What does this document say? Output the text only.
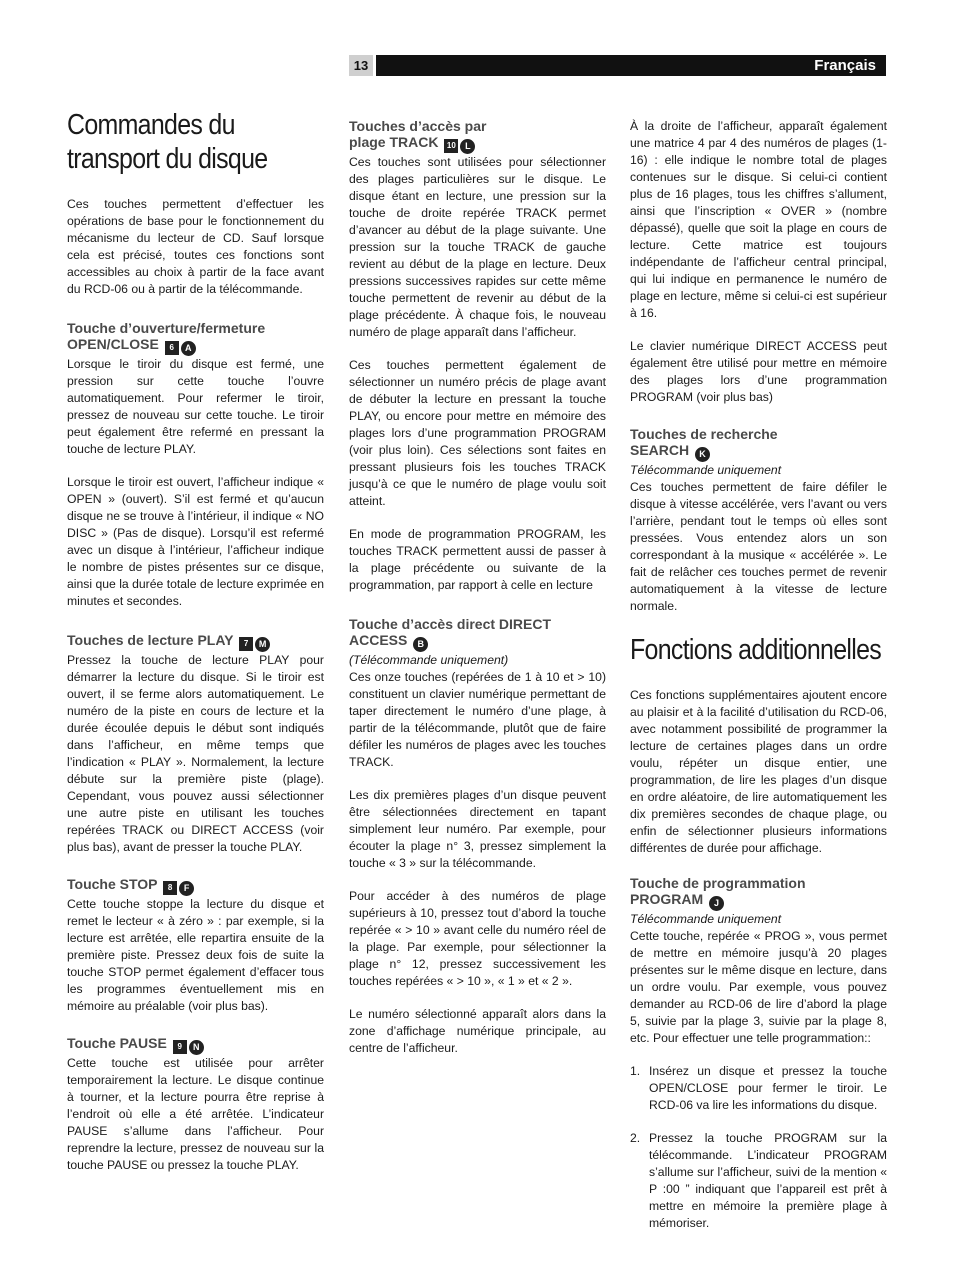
13	Français
Commandes du transport du disque

Ces touches permettent d’effectuer les opérations de base pour le fonctionnement du mécanisme du lecteur de CD. Sauf lorsque cela est précisé, toutes ces fonctions sont accessibles au choix à partir de la face avant du RCD-06 ou à partir de la télécommande.

Touche d’ouverture/fermeture
OPEN/CLOSE 6 A

Lorsque le tiroir du disque est fermé, une pression sur cette touche l’ouvre automatiquement. Pour refermer le tiroir, pressez de nouveau sur cette touche. Le tiroir peut également être refermé en pressant la touche de lecture PLAY.

Lorsque le tiroir est ouvert, l’afficheur indique « OPEN » (ouvert). S’il est fermé et qu’aucun disque ne se trouve à l’intérieur, il indique « NO DISC » (Pas de disque). Lorsqu’il est refermé avec un disque à l’intérieur, l’afficheur indique le nombre de pistes présentes sur ce disque, ainsi que la durée totale de lecture exprimée en minutes et secondes.

Touches de lecture PLAY 7 M

Pressez la touche de lecture PLAY pour démarrer la lecture du disque. Si le tiroir est ouvert, il se ferme alors automatiquement. Le numéro de la piste en cours de lecture et la durée écoulée depuis le début sont indiqués dans l’afficheur, en même temps que l’indication « PLAY ». Normalement, la lecture débute sur la première piste (plage). Cependant, vous pouvez aussi sélectionner une autre piste en utilisant les touches repérées TRACK ou DIRECT ACCESS (voir plus bas), avant de presser la touche PLAY.

Touche STOP 8 F

Cette touche stoppe la lecture du disque et remet le lecteur « à zéro » : par exemple, si la lecture est arrêtée, elle repartira ensuite de la première piste. Pressez deux fois de suite la touche STOP permet également d’effacer tous les programmes éventuellement mis en mémoire au préalable (voir plus bas).

Touche PAUSE 9 N

Cette touche est utilisée pour arrêter temporairement la lecture. Le disque continue à tourner, et la lecture pourra être reprise à l’endroit où elle a été arrêtée. L’indicateur PAUSE s’allume dans l’afficheur. Pour reprendre la lecture, pressez de nouveau sur la touche PAUSE ou pressez la touche PLAY.

Touches d’accès par
plage TRACK 10 L

Ces touches sont utilisées pour sélectionner des plages particulières sur le disque. Le disque étant en lecture, une pression sur la touche de droite repérée TRACK permet d’avancer au début de la plage suivante. Une pression sur la touche TRACK de gauche revient au début de la plage en lecture. Deux pressions successives rapides sur cette même touche permettent de revenir au début de la plage précédente. À chaque fois, le nouveau numéro de plage apparaît dans l’afficheur.

Ces touches permettent également de sélectionner un numéro précis de plage avant de débuter la lecture en pressant la touche PLAY, ou encore pour mettre en mémoire des plages lors d’une programmation PROGRAM (voir plus loin). Ces sélections sont faites en pressant plusieurs fois les touches TRACK jusqu’à ce que le numéro de plage voulu soit atteint.

En mode de programmation PROGRAM, les touches TRACK permettent aussi de passer à la plage précédente ou suivante de la programmation, par rapport à celle en lecture

Touche d’accès direct DIRECT
ACCESS B

(Télécommande uniquement)

Ces onze touches (repérées de 1 à 10 et > 10) constituent un clavier numérique permettant de taper directement le numéro d’une plage, à partir de la télécommande, plutôt que de faire défiler les numéros de plages avec les touches TRACK.

Les dix premières plages d’un disque peuvent être sélectionnées directement en tapant simplement leur numéro. Par exemple, pour écouter la plage n° 3, pressez simplement la touche « 3 » sur la télécommande.

Pour accéder à des numéros de plage supérieurs à 10, pressez tout d’abord la touche repérée « > 10 » avant celle du numéro réel de la plage. Par exemple, pour sélectionner la plage n° 12, pressez successivement les touches repérées « > 10 », « 1 » et « 2 ».

Le numéro sélectionné apparaît alors dans la zone d’affichage numérique principale, au centre de l’afficheur.

À la droite de l’afficheur, apparaît également une matrice 4 par 4 des numéros de plages (1-16) : elle indique le nombre total de plages contenues sur le disque. Si celui-ci contient plus de 16 plages, tous les chiffres s’allument, ainsi que l’inscription « OVER » (nombre dépassé), quelle que soit la plage en cours de lecture. Cette matrice est toujours indépendante de l’afficheur central principal, qui lui indique en permanence le numéro de plage en lecture, même si celui-ci est supérieur à 16.

Le clavier numérique DIRECT ACCESS peut également être utilisé pour mettre en mémoire des plages lors d’une programmation PROGRAM (voir plus bas)

Touches de recherche
SEARCH K

Télécommande uniquement

Ces touches permettent de faire défiler le disque à vitesse accélérée, vers l’avant ou vers l’arrière, pendant tout le temps où elles sont pressées. Vous entendez alors un son correspondant à la musique « accélérée ». Le fait de relâcher ces touches permet de revenir automatiquement à la vitesse de lecture normale.

Fonctions additionnelles

Ces fonctions supplémentaires ajoutent encore au plaisir et à la facilité d’utilisation du RCD-06, avec notamment possibilité de programmer la lecture de certaines plages dans un ordre voulu, répéter un disque entier, une programmation, de lire les plages d’un disque en ordre aléatoire, de lire automatiquement les dix premières secondes de chaque plage, ou enfin de sélectionner plusieurs informations différentes de durée pour affichage.

Touche de programmation
PROGRAM J

Télécommande uniquement

Cette touche, repérée « PROG », vous permet de mettre en mémoire jusqu’à 20 plages présentes sur le même disque en lecture, dans un ordre voulu. Par exemple, vous pouvez demander au RCD-06 de lire d’abord la plage 5, suivie par la plage 3, suivie par la plage 8, etc. Pour effectuer une telle programmation::

1. Insérez un disque et pressez la touche OPEN/CLOSE pour fermer le tiroir. Le RCD-06 va lire les informations du disque.
2. Pressez la touche PROGRAM sur la télécommande. L’indicateur PROGRAM s’allume sur l’afficheur, suivi de la mention « P :00 ” indiquant que l’appareil est prêt à mettre en mémoire la première plage à mémoriser.
